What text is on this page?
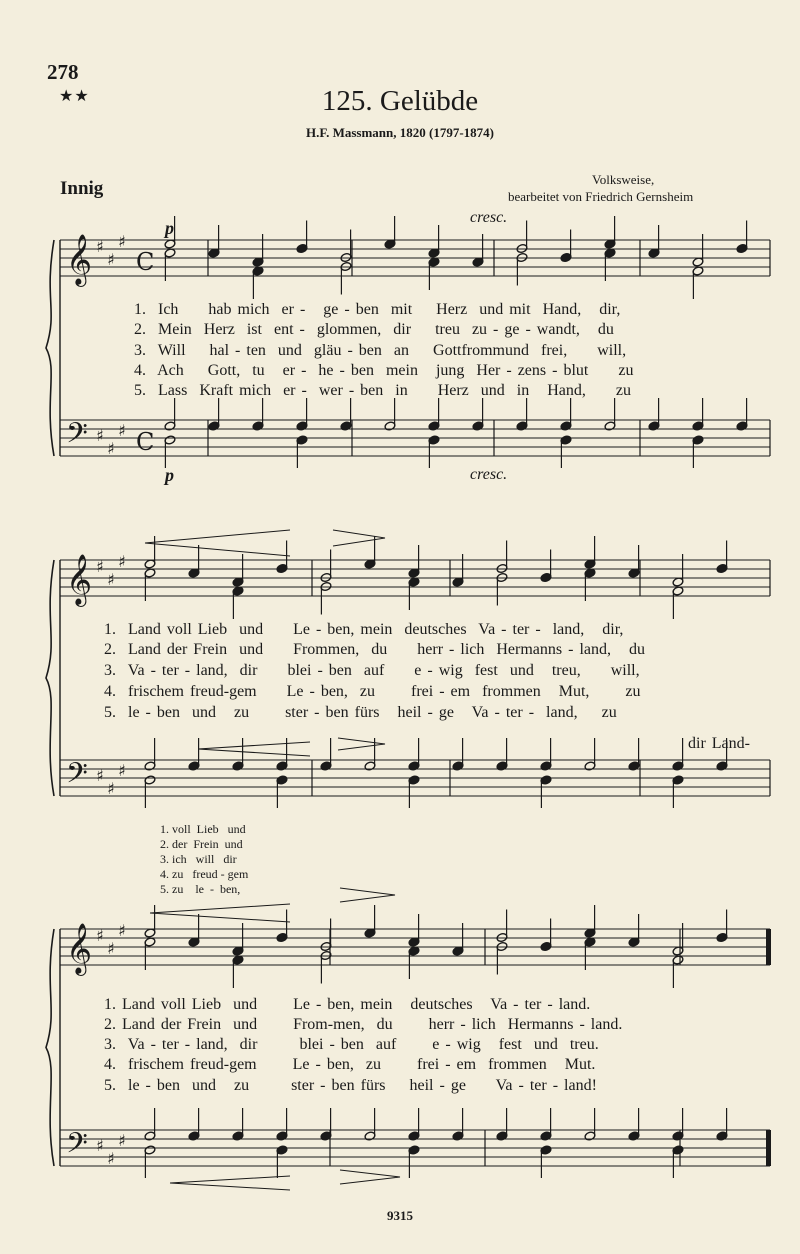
278
★★	125. Gelübde
H.F. Massmann, 1820 (1797-1874)
Innig	Volksweise,
bearbeitet von Friedrich Gernsheim
𝄞
𝄢
♯
♯
♯
♯
♯
♯
C
C
𝄞
𝄢
♯
♯
♯
♯
♯
♯
𝄞
𝄢
♯
♯
♯
♯
♯
♯
p
cresc.
p	cresc.
1.  Ich     hab mich  er -   ge - ben  mit    Herz  und mit  Hand,   dir,
2.  Mein  Herz  ist  ent -  glommen,  dir    treu  zu - ge - wandt,   du
3.  Will    hal - ten  und  gläu - ben  an    Gottfrommund  frei,     will,
4.  Ach    Gott,  tu   er -  he - ben  mein   jung  Her - zens - blut     zu
5.  Lass  Kraft mich  er -  wer - ben  in     Herz  und  in   Hand,     zu
1.  Land voll Lieb  und     Le - ben, mein  deutsches  Va - ter -  land,   dir,
2.  Land der Frein  und     Frommen,  du     herr - lich  Hermanns - land,   du
3.  Va - ter - land,  dir     blei - ben  auf     e - wig  fest  und   treu,     will,
4.  frischem freud-gem     Le - ben,  zu      frei - em  frommen   Mut,      zu
5.  le - ben  und   zu      ster - ben fürs   heil - ge   Va - ter -  land,    zu
dir Land-
1. voll  Lieb   und
2. der  Frein  und
3. ich   will   dir
4. zu   freud - gem
5. zu    le  -  ben,
1. Land voll Lieb  und      Le - ben, mein   deutsches   Va - ter - land.
2. Land der Frein  und      From-men,  du      herr - lich  Hermanns - land.
3.  Va - ter - land,  dir       blei - ben  auf      e - wig   fest  und  treu.
4.  frischem freud-gem      Le - ben,  zu      frei - em  frommen   Mut.
5.  le - ben  und   zu       ster - ben fürs    heil - ge     Va - ter - land!
9315
